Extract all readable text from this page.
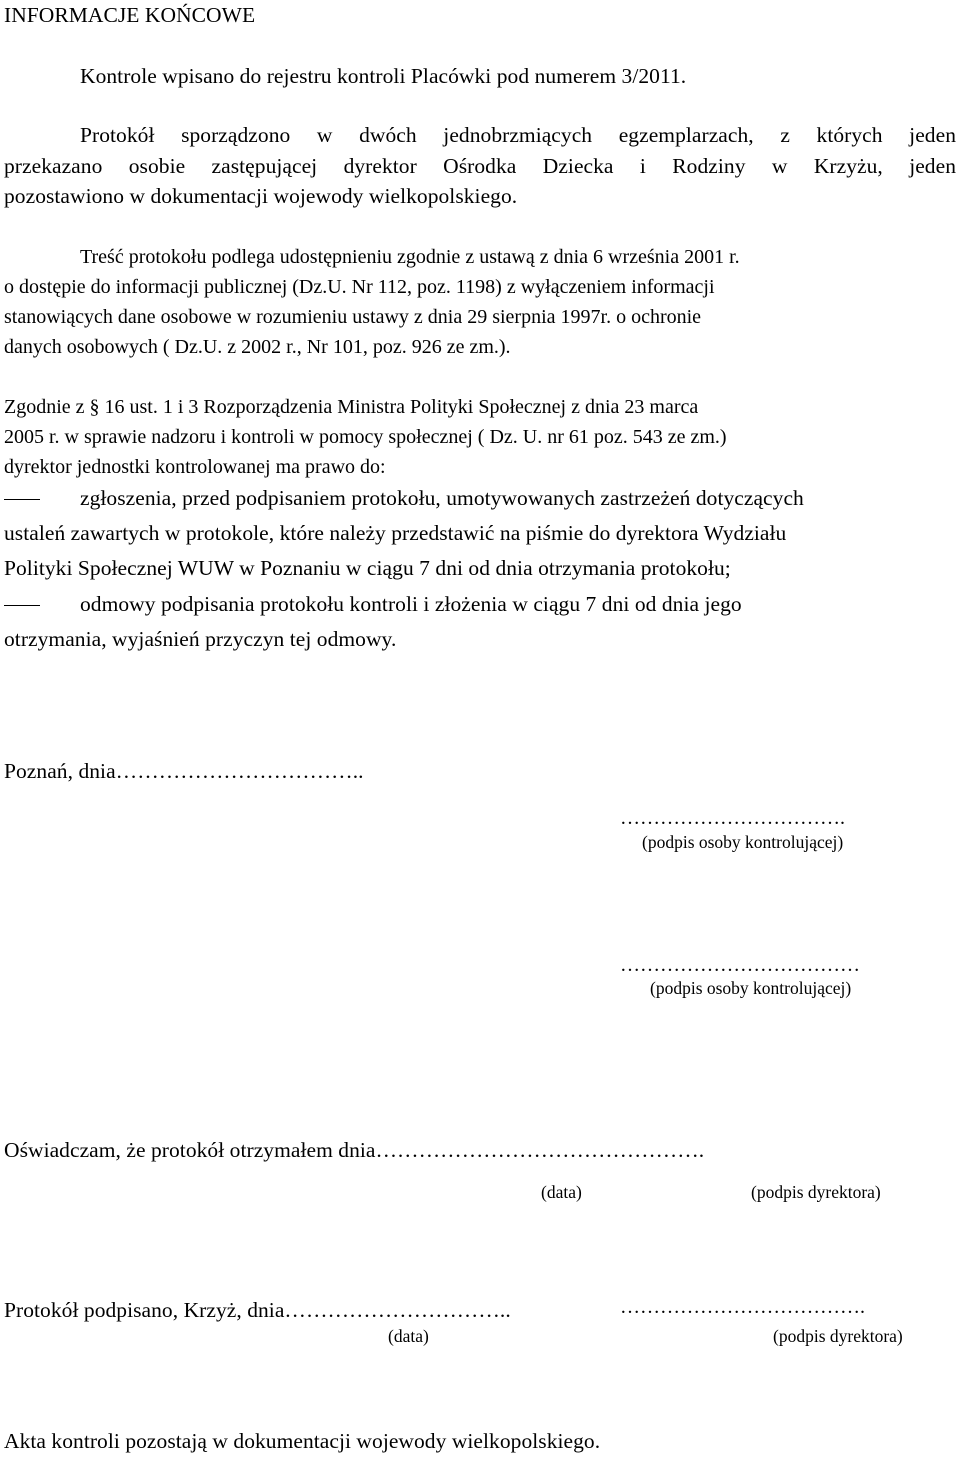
INFORMACJE KOŃCOWE
Kontrole wpisano do rejestru kontroli Placówki pod numerem 3/2011.
Protokół sporządzono w dwóch jednobrzmiących egzemplarzach, z których jeden
przekazano osobie zastępującej dyrektor Ośrodka Dziecka i Rodziny w Krzyżu, jeden
pozostawiono w dokumentacji wojewody wielkopolskiego.
Treść protokołu podlega udostępnieniu zgodnie z ustawą z dnia 6 września 2001 r.
o dostępie do informacji publicznej (Dz.U. Nr 112, poz. 1198) z wyłączeniem informacji
stanowiących dane osobowe w rozumieniu ustawy z dnia 29 sierpnia 1997r. o ochronie
danych osobowych ( Dz.U. z 2002 r., Nr 101, poz. 926 ze zm.).
Zgodnie z § 16 ust. 1 i 3 Rozporządzenia Ministra Polityki Społecznej z dnia 23 marca
2005 r. w sprawie nadzoru i kontroli w pomocy społecznej ( Dz. U. nr 61 poz. 543 ze zm.)
dyrektor jednostki kontrolowanej ma prawo do:
zgłoszenia, przed podpisaniem protokołu, umotywowanych zastrzeżeń dotyczących
ustaleń zawartych w protokole, które należy przedstawić na piśmie do dyrektora Wydziału
Polityki Społecznej WUW w Poznaniu w ciągu 7 dni od dnia otrzymania protokołu;
odmowy podpisania protokołu kontroli i złożenia w ciągu 7 dni od dnia jego
otrzymania, wyjaśnień przyczyn tej odmowy.
Poznań, dnia……………………………..
…………………………….
(podpis osoby kontrolującej)
………………………………
(podpis osoby kontrolującej)
Oświadczam, że protokół otrzymałem dnia……………………………………….
(data)	(podpis dyrektora)
Protokół podpisano, Krzyż, dnia…………………………..	……………………………….
(data)	(podpis dyrektora)
Akta kontroli pozostają w dokumentacji wojewody wielkopolskiego.
